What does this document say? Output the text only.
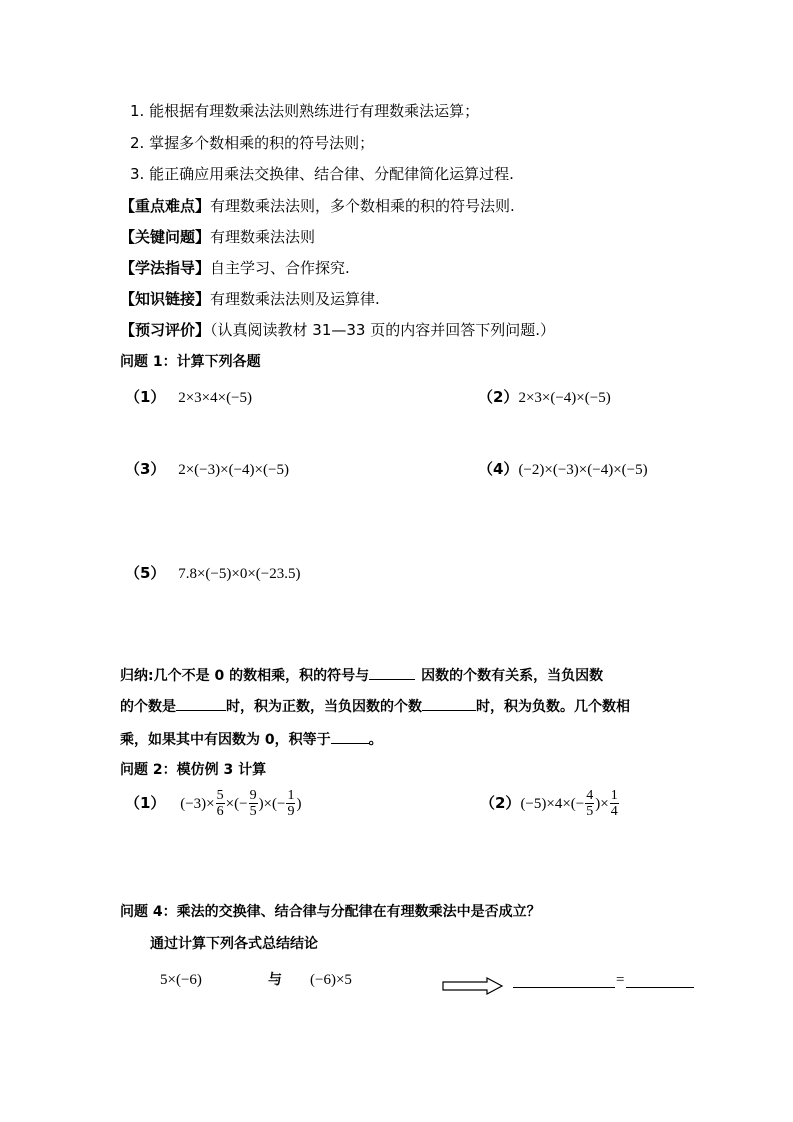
1. 能根据有理数乘法法则熟练进行有理数乘法运算；
2. 掌握多个数相乘的积的符号法则；
3. 能正确应用乘法交换律、结合律、分配律简化运算过程.
【重点难点】有理数乘法法则，多个数相乘的积的符号法则.
【关键问题】有理数乘法法则
【学法指导】自主学习、合作探究.
【知识链接】有理数乘法法则及运算律.
【预习评价】（认真阅读教材 31—33 页的内容并回答下列问题.）
问题 1：计算下列各题
（1） 2×3×4×(−5)	（2）2×3×(−4)×(−5)
（3） 2×(−3)×(−4)×(−5)	（4）(−2)×(−3)×(−4)×(−5)
（5） 7.8×(−5)×0×(−23.5)
归纳:几个不是 0 的数相乘，积的符号与	因数的个数有关系，当负因数
的个数是	时，积为正数，当负因数的个数	时，积为负数。几个数相
乘，如果其中有因数为 0，积等于	。
问题 2：模仿例 3 计算
（1） $(-3)\times \frac{5}{6}$ ×(− $\frac{9}{5}$ )×(− $\frac{1}{9}$ )	$(2)(-5)\times 4\times(- \frac{4}{5}$ )× $\frac{1}{4}$
问题 4：乘法的交换律、结合律与分配律在有理数乘法中是否成立？
通过计算下列各式总结结论
5×(−6)	与 (−6)×5	=
